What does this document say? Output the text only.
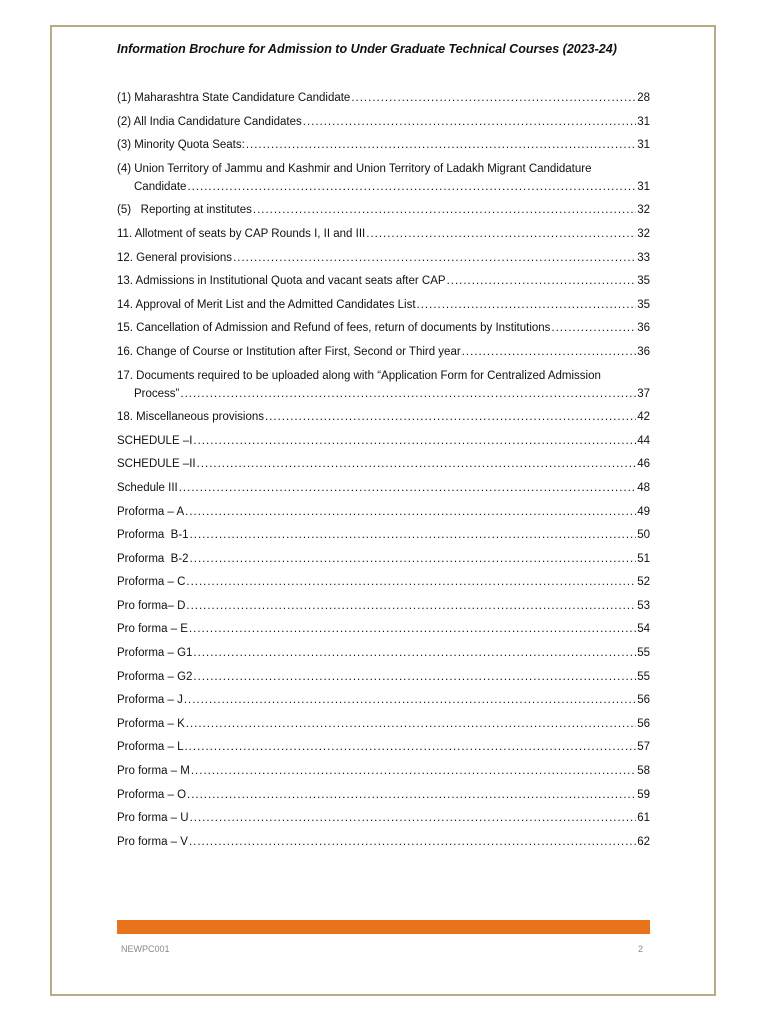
Information Brochure for Admission to Under Graduate Technical Courses (2023-24)
(1) Maharashtra State Candidature Candidate .....	28
(2) All India Candidature Candidates .....	31
(3) Minority Quota Seats: .....	31
(4) Union Territory of Jammu and Kashmir and Union Territory of Ladakh Migrant Candidature
Candidate .....	31
(5)   Reporting at institutes .....	32
11. Allotment of seats by CAP Rounds I, II and III .....	32
12. General provisions .....	33
13. Admissions in Institutional Quota and vacant seats after CAP .....	35
14. Approval of Merit List and the Admitted Candidates List .....	35
15. Cancellation of Admission and Refund of fees, return of documents by Institutions .....	36
16. Change of Course or Institution after First, Second or Third year .....	36
17. Documents required to be uploaded along with “Application Form for Centralized Admission
Process” .....	37
18. Miscellaneous provisions .....	42
SCHEDULE –I .....	44
SCHEDULE –II .....	46
Schedule III .....	48
Proforma – A .....	49
Proforma  B-1 .....	50
Proforma  B-2 .....	51
Proforma – C .....	52
Pro forma– D .....	53
Pro forma – E .....	54
Proforma – G1 .....	55
Proforma – G2 .....	55
Proforma – J .....	56
Proforma – K .....	56
Proforma – L .....	57
Pro forma – M .....	58
Proforma – O .....	59
Pro forma – U .....	61
Pro forma – V .....	62
NEWPC001	2
